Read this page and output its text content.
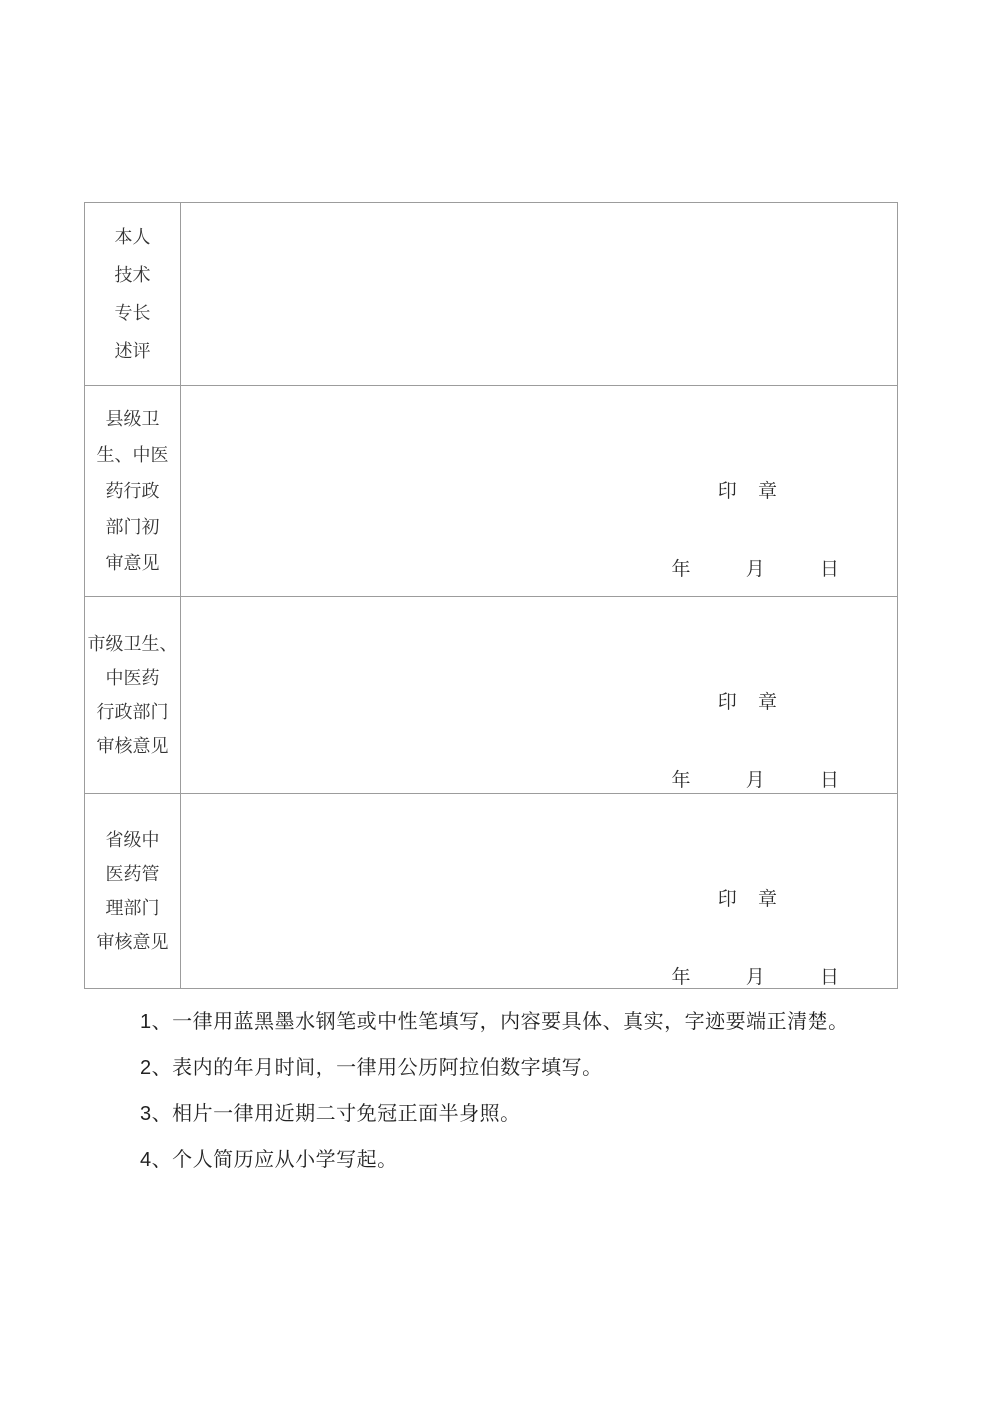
本人
技术
专长
述评
县级卫
生、中医
药行政
部门初
审意见
印 章
年 月 日
市级卫生、
中医药
行政部门
审核意见
印 章
年 月 日
省级中
医药管
理部门
审核意见
印 章
年 月 日

1、一律用蓝黑墨水钢笔或中性笔填写，内容要具体、真实，字迹要端正清楚。

2、表内的年月时间，一律用公历阿拉伯数字填写。

3、相片一律用近期二寸免冠正面半身照。

4、个人简历应从小学写起。
